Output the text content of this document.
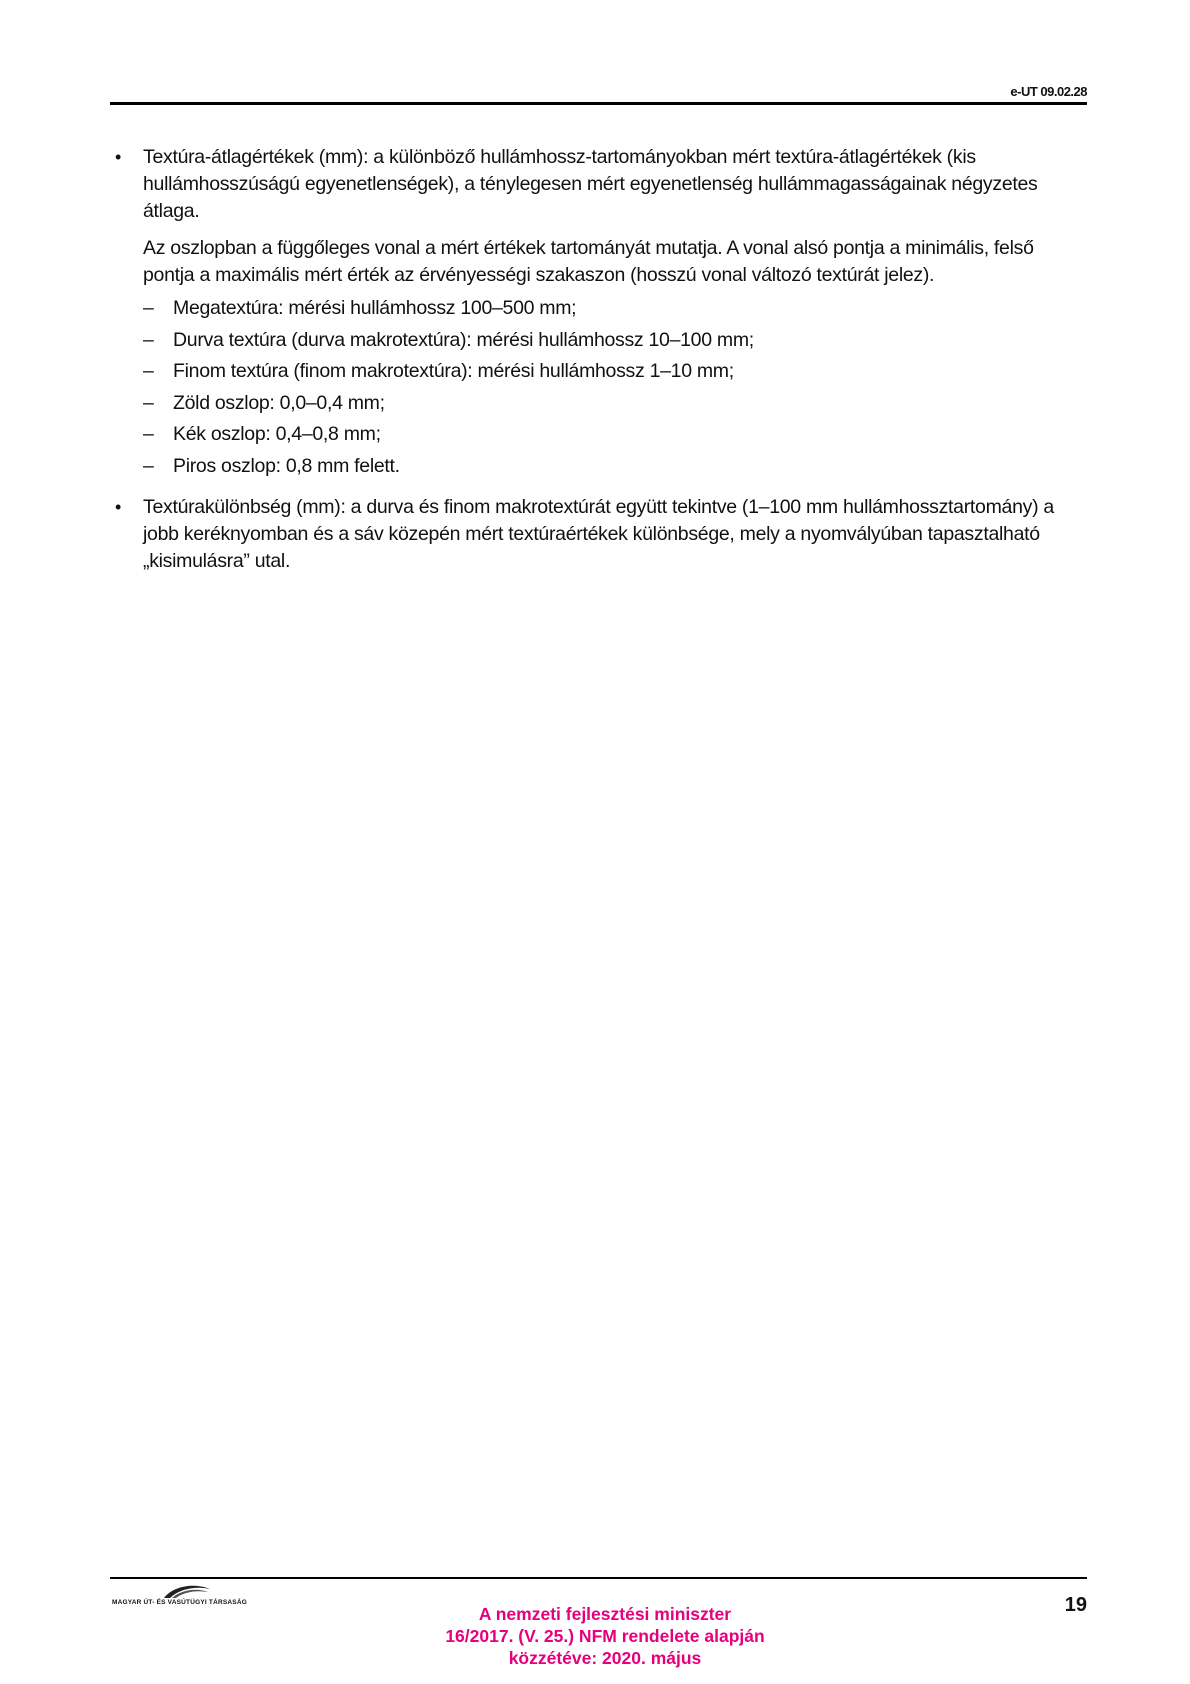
e-UT 09.02.28
•	Textúra-átlagértékek (mm): a különböző hullámhossz-tartományokban mért textúra-átlagértékek (kis hullámhosszúságú egyenetlenségek), a ténylegesen mért egyenetlenség hullámmagasságainak négyzetes átlaga.

Az oszlopban a függőleges vonal a mért értékek tartományát mutatja. A vonal alsó pontja a minimális, felső pontja a maximális mért érték az érvényességi szakaszon (hosszú vonal változó textúrát jelez).

– Megatextúra: mérési hullámhossz 100–500 mm;
– Durva textúra (durva makrotextúra): mérési hullámhossz 10–100 mm;
– Finom textúra (finom makrotextúra): mérési hullámhossz 1–10 mm;
– Zöld oszlop: 0,0–0,4 mm;
– Kék oszlop: 0,4–0,8 mm;
– Piros oszlop: 0,8 mm felett.
•	Textúrakülönbség (mm): a durva és finom makrotextúrát együtt tekintve (1–100 mm hullámhossztartomány) a jobb keréknyomban és a sáv közepén mért textúraértékek különbsége, mely a nyomvályúban tapasztalható „kisimulásra” utal.

MAGYAR ÚT- ÉS VASÚTÜGYI TÁRSASÁG
A nemzeti fejlesztési miniszter
16/2017. (V. 25.) NFM rendelete alapján
közzétéve: 2020. május
19
